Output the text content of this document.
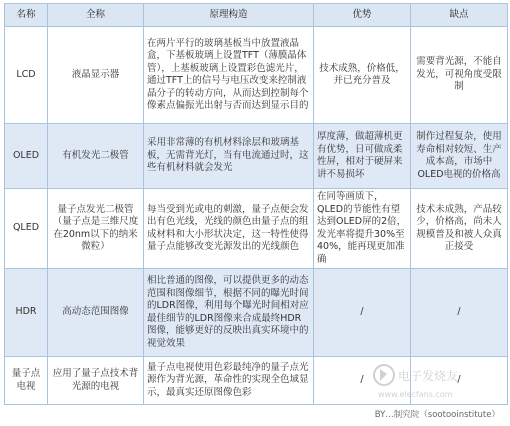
名称	全称	原理构造	优势	缺点
LCD	液晶显示器	在两片平行的玻璃基板当中放置液晶盒，下基板玻璃上设置TFT（薄膜晶体管），上基板玻璃上设置彩色滤光片，通过TFT上的信号与电压改变来控制液晶分子的转动方向，从而达到控制每个像素点偏振光出射与否而达到显示目的	技术成熟，价格低，并已充分普及	需要背光源，不能自发光，可视角度受限制
OLED	有机发光二极管	采用非常薄的有机材料涂层和玻璃基板，无需背光灯，当有电流通过时，这些有机材料就会发光	厚度薄，做超薄机更有优势，日可做成柔性屏，相对于硬屏来讲不易损坏	制作过程复杂，使用寿命相对较短、生产成本高，市场中OLED电视的价格高
QLED	量子点发光二极管（量子点是三维尺度在20nm以下的纳米微粒）	每当受到光或电的刺激，量子点便会发出有色光线，光线的颜色由量子点的组成材料和大小形状决定，这一特性使得量子点能够改变光源发出的光线颜色	在同等画质下，QLED的节能性有望达到OLED屏的2倍，发光率将提升30%至40%，能再现更加准确	技术未成熟，产品较少，价格高，尚未人规模普及和被人众真正接受
HDR	高动态范围图像	相比普通的图像，可以提供更多的动态范围和图像细节，根据不同的曝光时间的LDR图像，利用每个曝光时间相对应最佳细节的LDR图像来合成最终HDR图像，能够更好的反映出真实环境中的视觉效果	/	/
量子点电视	应用了量子点技术背光源的电视	量子点电视使用色彩最纯净的量子点光源作为背光源，革命性的实现全色域显示，最真实还原图像色彩	/	/
电子发烧友
www.elecfans.com
BY…制究院（sootooinstitute）
